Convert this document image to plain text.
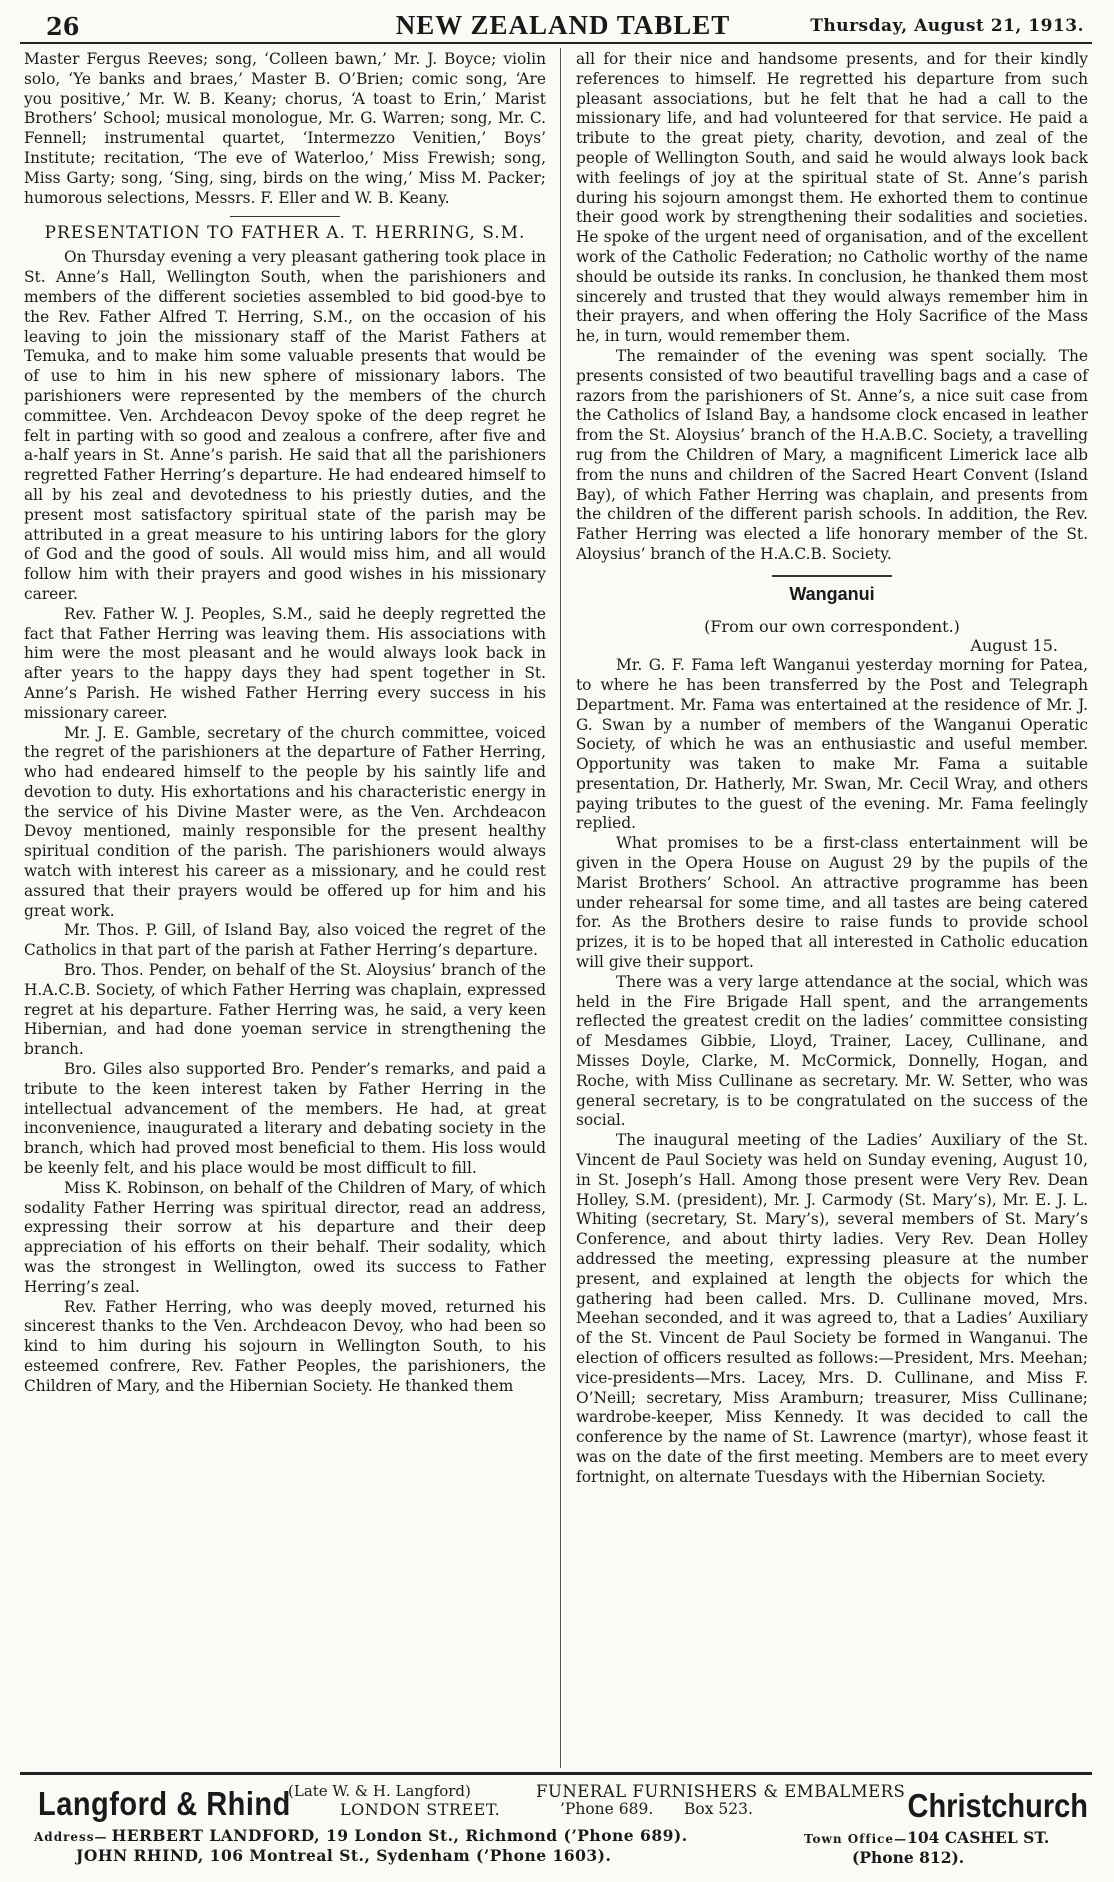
26	NEW ZEALAND TABLET	Thursday, August 21, 1913.

Master Fergus Reeves; song, ‘Colleen bawn,’ Mr. J. Boyce; violin solo, ‘Ye banks and braes,’ Master B. O’Brien; comic song, ‘Are you positive,’ Mr. W. B. Keany; chorus, ‘A toast to Erin,’ Marist Brothers’ School; musical monologue, Mr. G. Warren; song, Mr. C. Fennell; instrumental quartet, ‘Intermezzo Venitien,’ Boys’ Institute; recitation, ‘The eve of Waterloo,’ Miss Frewish; song, Miss Garty; song, ‘Sing, sing, birds on the wing,’ Miss M. Packer; humorous selections, Messrs. F. Eller and W. B. Keany.

PRESENTATION TO FATHER A. T. HERRING, S.M.

On Thursday evening a very pleasant gathering took place in St. Anne’s Hall, Wellington South, when the parishioners and members of the different societies assembled to bid good-bye to the Rev. Father Alfred T. Herring, S.M., on the occasion of his leaving to join the missionary staff of the Marist Fathers at Temuka, and to make him some valuable presents that would be of use to him in his new sphere of missionary labors. The parishioners were represented by the members of the church committee. Ven. Archdeacon Devoy spoke of the deep regret he felt in parting with so good and zealous a confrere, after five and a-half years in St. Anne’s parish. He said that all the parishioners regretted Father Herring’s departure. He had endeared himself to all by his zeal and devotedness to his priestly duties, and the present most satisfactory spiritual state of the parish may be attributed in a great measure to his untiring labors for the glory of God and the good of souls. All would miss him, and all would follow him with their prayers and good wishes in his missionary career.

Rev. Father W. J. Peoples, S.M., said he deeply regretted the fact that Father Herring was leaving them. His associations with him were the most pleasant and he would always look back in after years to the happy days they had spent together in St. Anne’s Parish. He wished Father Herring every success in his missionary career.

Mr. J. E. Gamble, secretary of the church committee, voiced the regret of the parishioners at the departure of Father Herring, who had endeared himself to the people by his saintly life and devotion to duty. His exhortations and his characteristic energy in the service of his Divine Master were, as the Ven. Archdeacon Devoy mentioned, mainly responsible for the present healthy spiritual condition of the parish. The parishioners would always watch with interest his career as a missionary, and he could rest assured that their prayers would be offered up for him and his great work.

Mr. Thos. P. Gill, of Island Bay, also voiced the regret of the Catholics in that part of the parish at Father Herring’s departure.

Bro. Thos. Pender, on behalf of the St. Aloysius’ branch of the H.A.C.B. Society, of which Father Herring was chaplain, expressed regret at his departure. Father Herring was, he said, a very keen Hibernian, and had done yoeman service in strengthening the branch.

Bro. Giles also supported Bro. Pender’s remarks, and paid a tribute to the keen interest taken by Father Herring in the intellectual advancement of the members. He had, at great inconvenience, inaugurated a literary and debating society in the branch, which had proved most beneficial to them. His loss would be keenly felt, and his place would be most difficult to fill.

Miss K. Robinson, on behalf of the Children of Mary, of which sodality Father Herring was spiritual director, read an address, expressing their sorrow at his departure and their deep appreciation of his efforts on their behalf. Their sodality, which was the strongest in Wellington, owed its success to Father Herring’s zeal.

Rev. Father Herring, who was deeply moved, returned his sincerest thanks to the Ven. Archdeacon Devoy, who had been so kind to him during his sojourn in Wellington South, to his esteemed confrere, Rev. Father Peoples, the parishioners, the Children of Mary, and the Hibernian Society. He thanked them

all for their nice and handsome presents, and for their kindly references to himself. He regretted his departure from such pleasant associations, but he felt that he had a call to the missionary life, and had volunteered for that service. He paid a tribute to the great piety, charity, devotion, and zeal of the people of Wellington South, and said he would always look back with feelings of joy at the spiritual state of St. Anne’s parish during his sojourn amongst them. He exhorted them to continue their good work by strengthening their sodalities and societies. He spoke of the urgent need of organisation, and of the excellent work of the Catholic Federation; no Catholic worthy of the name should be outside its ranks. In conclusion, he thanked them most sincerely and trusted that they would always remember him in their prayers, and when offering the Holy Sacrifice of the Mass he, in turn, would remember them.

The remainder of the evening was spent socially. The presents consisted of two beautiful travelling bags and a case of razors from the parishioners of St. Anne’s, a nice suit case from the Catholics of Island Bay, a handsome clock encased in leather from the St. Aloysius’ branch of the H.A.B.C. Society, a travelling rug from the Children of Mary, a magnificent Limerick lace alb from the nuns and children of the Sacred Heart Convent (Island Bay), of which Father Herring was chaplain, and presents from the children of the different parish schools. In addition, the Rev. Father Herring was elected a life honorary member of the St. Aloysius’ branch of the H.A.C.B. Society.

Wanganui
(From our own correspondent.)
August 15.

Mr. G. F. Fama left Wanganui yesterday morning for Patea, to where he has been transferred by the Post and Telegraph Department. Mr. Fama was entertained at the residence of Mr. J. G. Swan by a number of members of the Wanganui Operatic Society, of which he was an enthusiastic and useful member. Opportunity was taken to make Mr. Fama a suitable presentation, Dr. Hatherly, Mr. Swan, Mr. Cecil Wray, and others paying tributes to the guest of the evening. Mr. Fama feelingly replied.

What promises to be a first-class entertainment will be given in the Opera House on August 29 by the pupils of the Marist Brothers’ School. An attractive programme has been under rehearsal for some time, and all tastes are being catered for. As the Brothers desire to raise funds to provide school prizes, it is to be hoped that all interested in Catholic education will give their support.

There was a very large attendance at the social, which was held in the Fire Brigade Hall spent, and the arrangements reflected the greatest credit on the ladies’ committee consisting of Mesdames Gibbie, Lloyd, Trainer, Lacey, Cullinane, and Misses Doyle, Clarke, M. McCormick, Donnelly, Hogan, and Roche, with Miss Cullinane as secretary. Mr. W. Setter, who was general secretary, is to be congratulated on the success of the social.

The inaugural meeting of the Ladies’ Auxiliary of the St. Vincent de Paul Society was held on Sunday evening, August 10, in St. Joseph’s Hall. Among those present were Very Rev. Dean Holley, S.M. (president), Mr. J. Carmody (St. Mary’s), Mr. E. J. L. Whiting (secretary, St. Mary’s), several members of St. Mary’s Conference, and about thirty ladies. Very Rev. Dean Holley addressed the meeting, expressing pleasure at the number present, and explained at length the objects for which the gathering had been called. Mrs. D. Cullinane moved, Mrs. Meehan seconded, and it was agreed to, that a Ladies’ Auxiliary of the St. Vincent de Paul Society be formed in Wanganui. The election of officers resulted as follows:—President, Mrs. Meehan; vice-presidents—Mrs. Lacey, Mrs. D. Cullinane, and Miss F. O’Neill; secretary, Miss Aramburn; treasurer, Miss Cullinane; wardrobe-keeper, Miss Kennedy. It was decided to call the conference by the name of St. Lawrence (martyr), whose feast it was on the date of the first meeting. Members are to meet every fortnight, on alternate Tuesdays with the Hibernian Society.

Langford & Rhind
(Late W. & H. Langford)	FUNERAL FURNISHERS & EMBALMERS
LONDON STREET.	’Phone 689. Box 523.	Christchurch
Address— HERBERT LANDFORD, 19 London St., Richmond (’Phone 689).
JOHN RHIND, 106 Montreal St., Sydenham (’Phone 1603).
Town Office—104 CASHEL ST.
(Phone 812).
